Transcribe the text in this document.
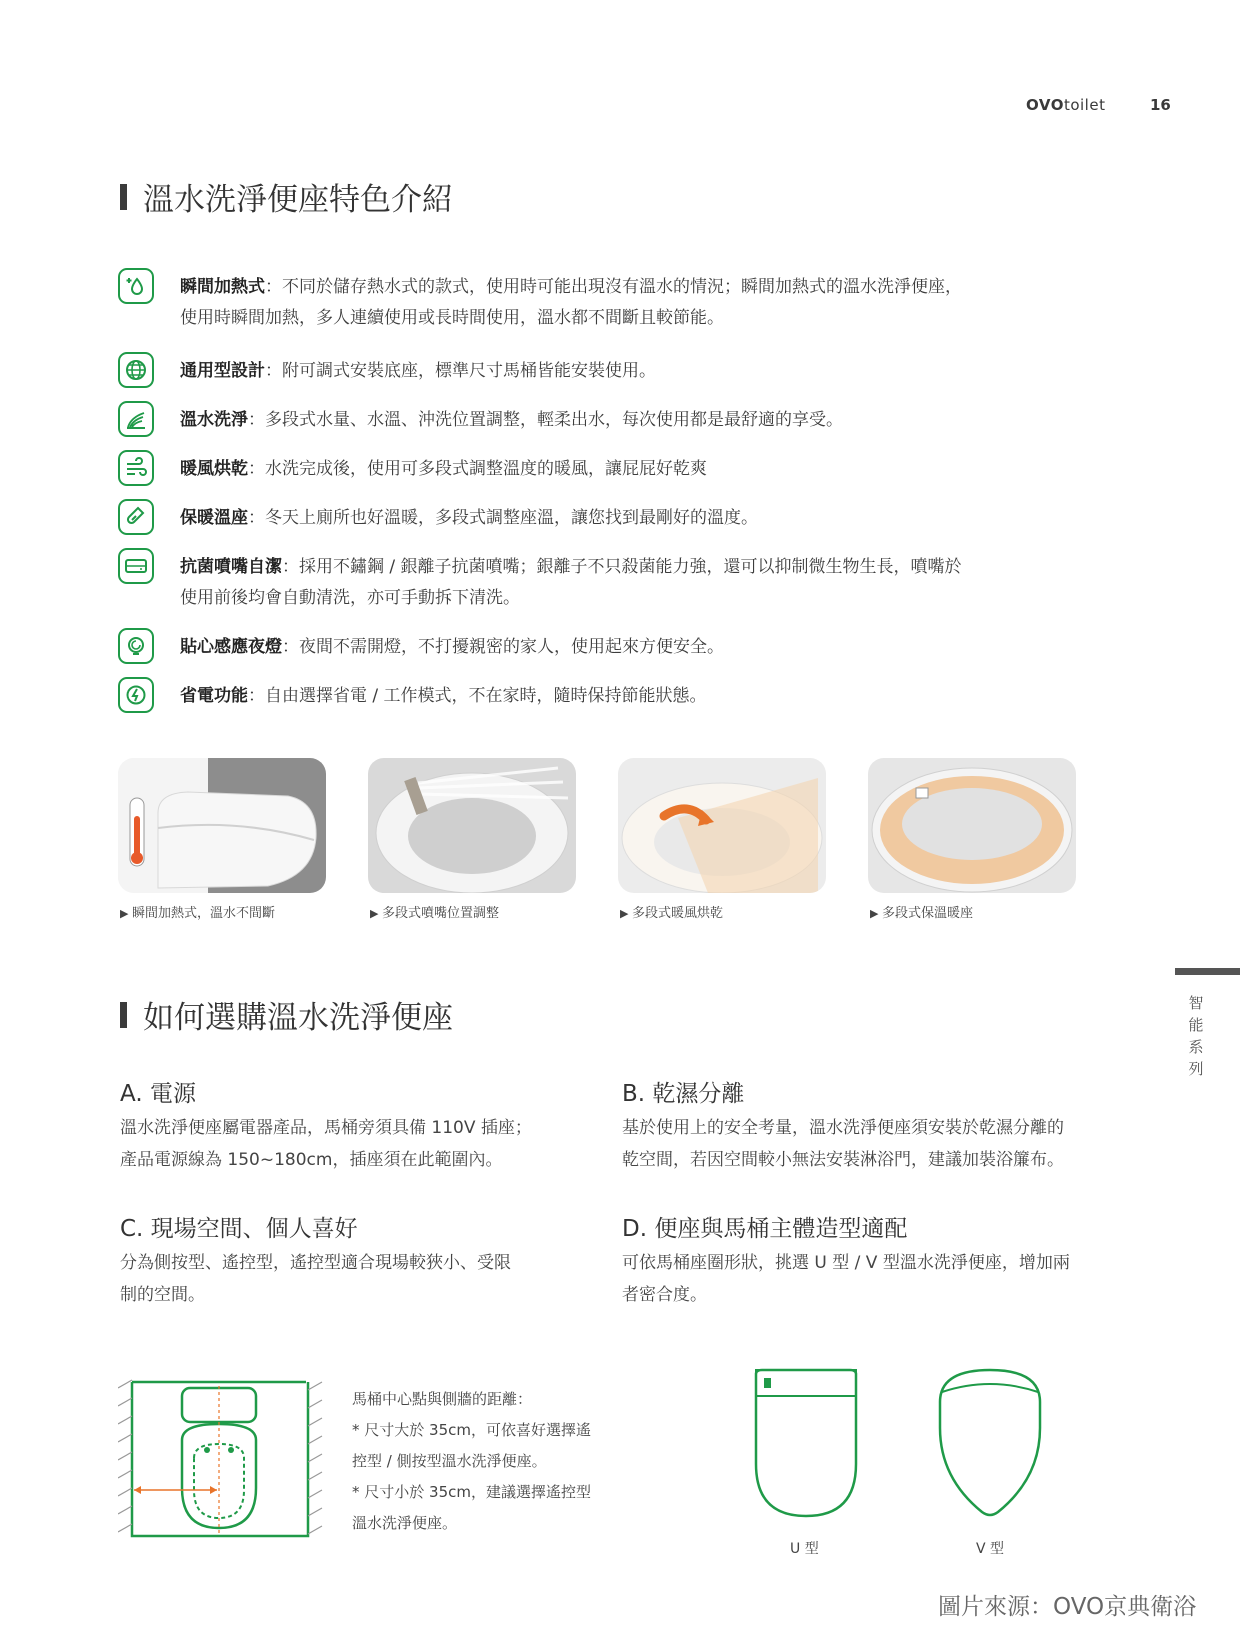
OVOtoilet	16
溫水洗淨便座特色介紹
瞬間加熱式：不同於儲存熱水式的款式，使用時可能出現沒有溫水的情況；瞬間加熱式的溫水洗淨便座，
使用時瞬間加熱，多人連續使用或長時間使用，溫水都不間斷且較節能。
通用型設計：附可調式安裝底座，標準尺寸馬桶皆能安裝使用。
溫水洗淨：多段式水量、水溫、沖洗位置調整，輕柔出水，每次使用都是最舒適的享受。
暖風烘乾：水洗完成後，使用可多段式調整溫度的暖風，讓屁屁好乾爽
保暖溫座：冬天上廁所也好溫暖，多段式調整座溫，讓您找到最剛好的溫度。
抗菌噴嘴自潔：採用不鏽鋼 / 銀離子抗菌噴嘴；銀離子不只殺菌能力強，還可以抑制微生物生長，噴嘴於
使用前後均會自動清洗，亦可手動拆下清洗。
貼心感應夜燈：夜間不需開燈，不打擾親密的家人，使用起來方便安全。
省電功能：自由選擇省電 / 工作模式，不在家時，隨時保持節能狀態。
▶ 瞬間加熱式，溫水不間斷	▶ 多段式噴嘴位置調整	▶ 多段式暖風烘乾	▶ 多段式保溫暖座
智能系列
如何選購溫水洗淨便座
A. 電源
溫水洗淨便座屬電器產品，馬桶旁須具備 110V 插座；
產品電源線為 150~180cm，插座須在此範圍內。
B. 乾濕分離
基於使用上的安全考量，溫水洗淨便座須安裝於乾濕分離的
乾空間，若因空間較小無法安裝淋浴門，建議加裝浴簾布。
C. 現場空間、個人喜好
分為側按型、遙控型，遙控型適合現場較狹小、受限
制的空間。
D. 便座與馬桶主體造型適配
可依馬桶座圈形狀，挑選 U 型 / V 型溫水洗淨便座，增加兩
者密合度。
馬桶中心點與側牆的距離：
* 尺寸大於 35cm，可依喜好選擇遙
控型 / 側按型溫水洗淨便座。
* 尺寸小於 35cm，建議選擇遙控型
溫水洗淨便座。
U 型	V 型
圖片來源：OVO京典衛浴
